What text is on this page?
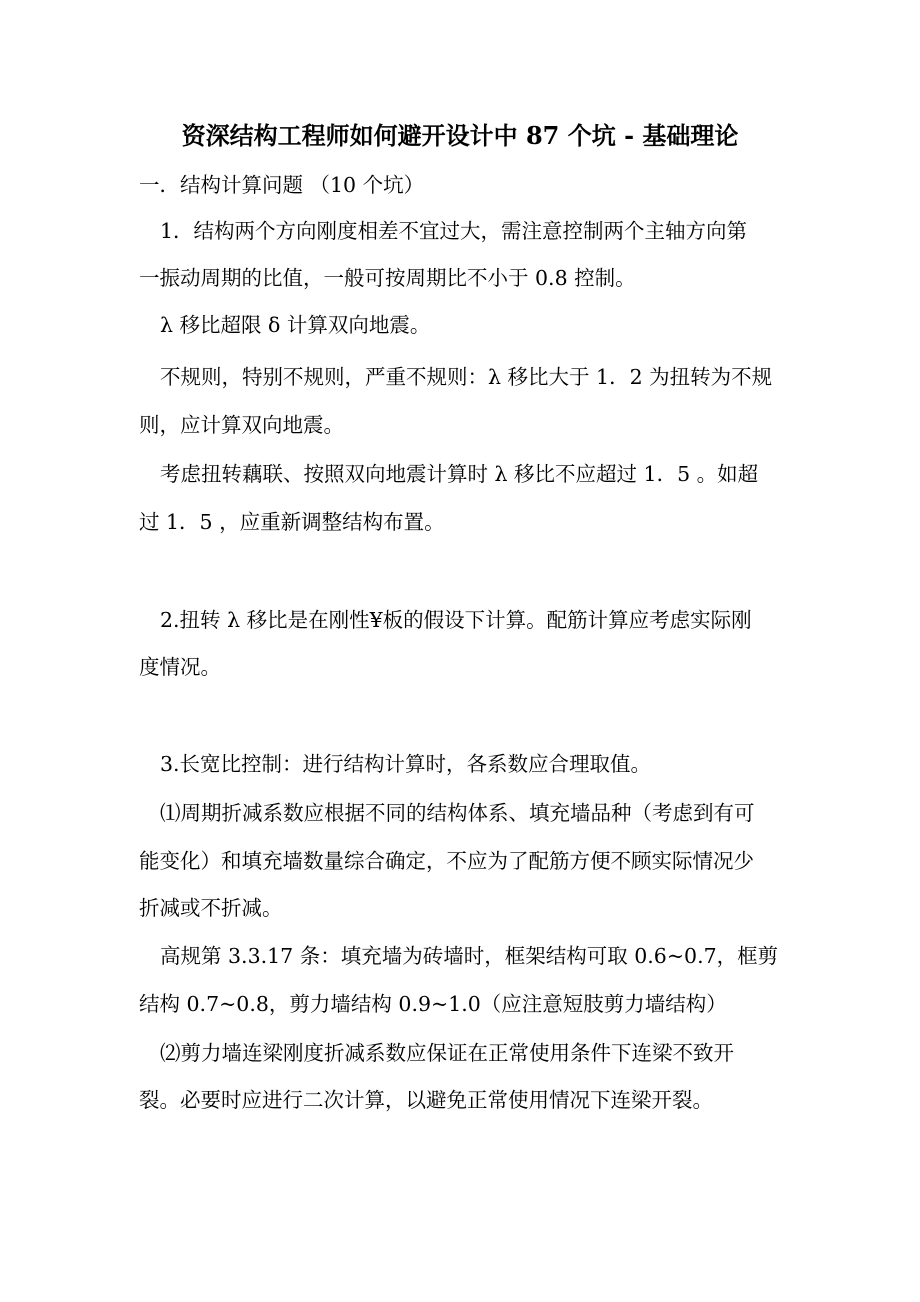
资深结构工程师如何避开设计中 87 个坑 - 基础理论
一．结构计算问题 （10 个坑）
1．结构两个方向刚度相差不宜过大，需注意控制两个主轴方向第
一振动周期的比值，一般可按周期比不小于 0.8 控制。
λ 移比超限 δ 计算双向地震。
不规则，特别不规则，严重不规则：λ 移比大于 1．2 为扭转为不规
则，应计算双向地震。
考虑扭转藕联、按照双向地震计算时 λ 移比不应超过 1．5 。如超
过 1．5 ，应重新调整结构布置。
2.扭转 λ 移比是在刚性¥板的假设下计算。配筋计算应考虑实际刚
度情况。
3.长宽比控制：进行结构计算时，各系数应合理取值。
⑴周期折减系数应根据不同的结构体系、填充墙品种（考虑到有可
能变化）和填充墙数量综合确定，不应为了配筋方便不顾实际情况少
折减或不折减。
高规第 3.3.17 条：填充墙为砖墙时，框架结构可取 0.6~0.7，框剪
结构 0.7~0.8，剪力墙结构 0.9~1.0（应注意短肢剪力墙结构）
⑵剪力墙连梁刚度折减系数应保证在正常使用条件下连梁不致开
裂。必要时应进行二次计算，以避免正常使用情况下连梁开裂。
